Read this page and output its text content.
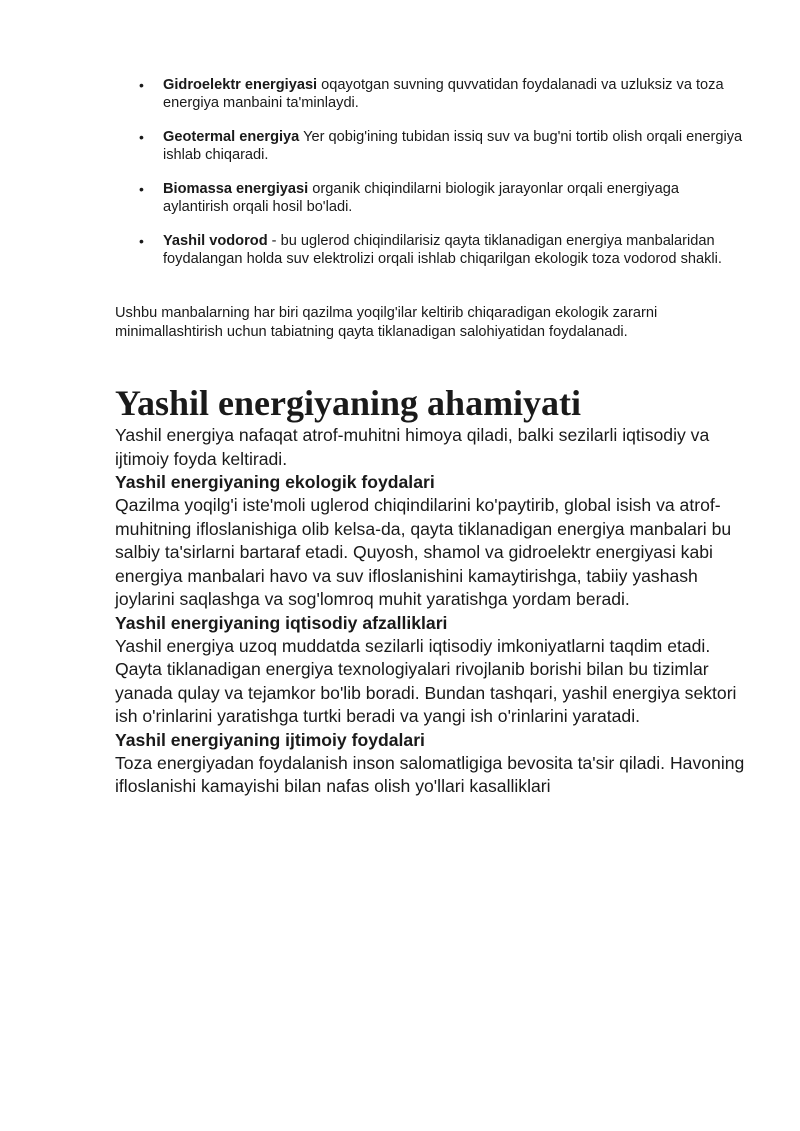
• Gidroelektr energiyasi oqayotgan suvning quvvatidan foydalanadi va uzluksiz va toza energiya manbaini ta'minlaydi.
• Geotermal energiya Yer qobig'ining tubidan issiq suv va bug'ni tortib olish orqali energiya ishlab chiqaradi.
• Biomassa energiyasi organik chiqindilarni biologik jarayonlar orqali energiyaga aylantirish orqali hosil bo'ladi.
• Yashil vodorod - bu uglerod chiqindilarisiz qayta tiklanadigan energiya manbalaridan foydalangan holda suv elektrolizi orqali ishlab chiqarilgan ekologik toza vodorod shakli.

Ushbu manbalarning har biri qazilma yoqilg'ilar keltirib chiqaradigan ekologik zararni minimallashtirish uchun tabiatning qayta tiklanadigan salohiyatidan foydalanadi.

Yashil energiyaning ahamiyati

Yashil energiya nafaqat atrof-muhitni himoya qiladi, balki sezilarli iqtisodiy va ijtimoiy foyda keltiradi.

Yashil energiyaning ekologik foydalari

Qazilma yoqilg'i iste'moli uglerod chiqindilarini ko'paytirib, global isish va atrof-muhitning ifloslanishiga olib kelsa-da, qayta tiklanadigan energiya manbalari bu salbiy ta'sirlarni bartaraf etadi. Quyosh, shamol va gidroelektr energiyasi kabi energiya manbalari havo va suv ifloslanishini kamaytirishga, tabiiy yashash joylarini saqlashga va sog'lomroq muhit yaratishga yordam beradi.

Yashil energiyaning iqtisodiy afzalliklari

Yashil energiya uzoq muddatda sezilarli iqtisodiy imkoniyatlarni taqdim etadi. Qayta tiklanadigan energiya texnologiyalari rivojlanib borishi bilan bu tizimlar yanada qulay va tejamkor bo'lib boradi. Bundan tashqari, yashil energiya sektori ish o'rinlarini yaratishga turtki beradi va yangi ish o'rinlarini yaratadi.

Yashil energiyaning ijtimoiy foydalari

Toza energiyadan foydalanish inson salomatligiga bevosita ta'sir qiladi. Havoning ifloslanishi kamayishi bilan nafas olish yo'llari kasalliklari
